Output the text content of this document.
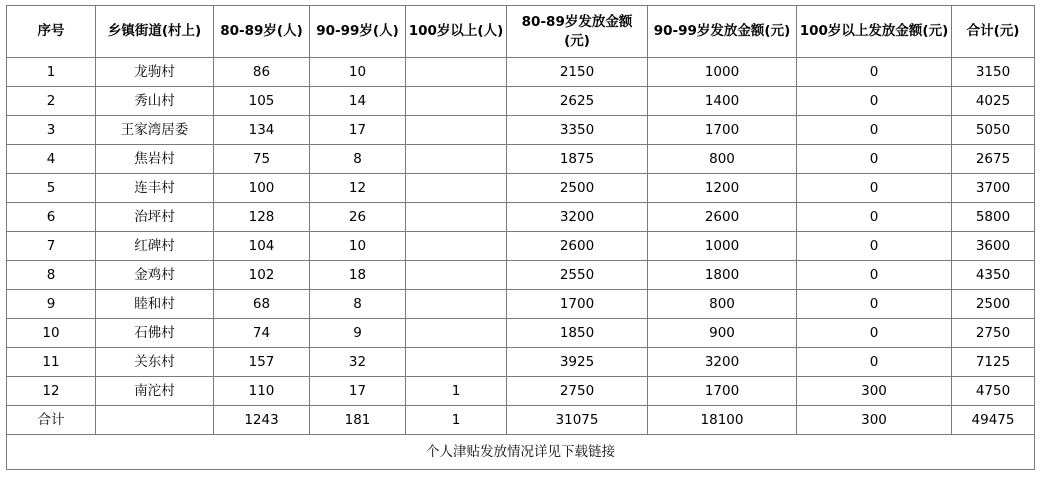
序号	乡镇街道(村上)	80-89岁(人)	90-99岁(人)	100岁以上(人)	80-89岁发放金额(元)	90-99岁发放金额(元)	100岁以上发放金额(元)	合计(元)
1	龙驹村	86	10		2150	1000	0	3150
2	秀山村	105	14		2625	1400	0	4025
3	王家湾居委	134	17		3350	1700	0	5050
4	焦岩村	75	8		1875	800	0	2675
5	连丰村	100	12		2500	1200	0	3700
6	治坪村	128	26		3200	2600	0	5800
7	红碑村	104	10		2600	1000	0	3600
8	金鸡村	102	18		2550	1800	0	4350
9	睦和村	68	8		1700	800	0	2500
10	石佛村	74	9		1850	900	0	2750
11	关东村	157	32		3925	3200	0	7125
12	南沱村	110	17	1	2750	1700	300	4750
合计		1243	181	1	31075	18100	300	49475
个人津贴发放情况详见下载链接								
